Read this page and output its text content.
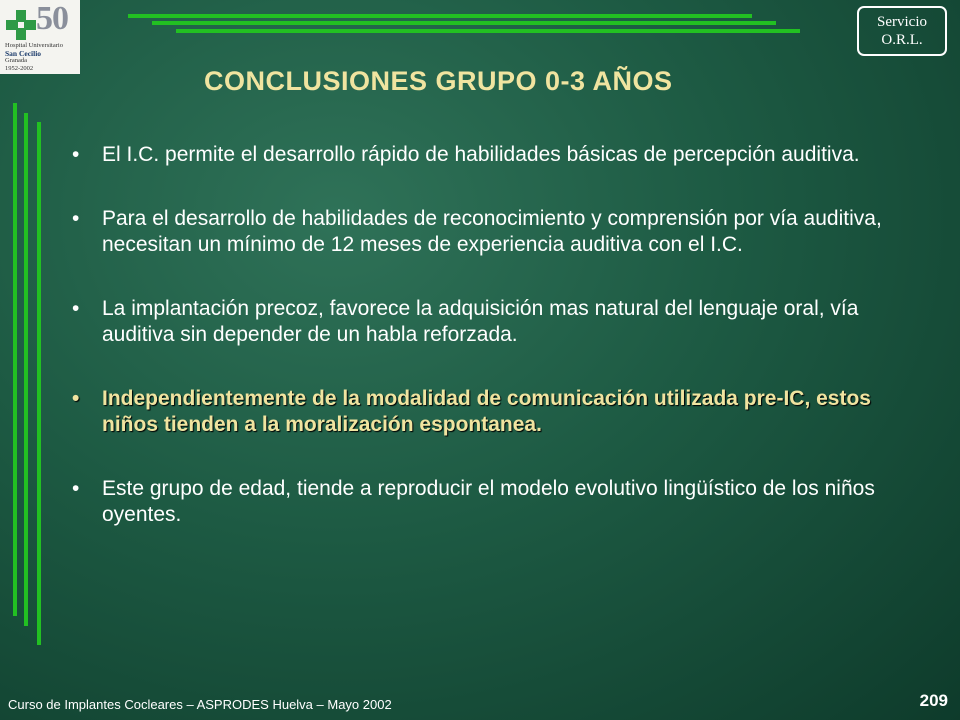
50
Hospital Universitario
San Cecilio
Granada
1952-2002
Servicio
O.R.L.
CONCLUSIONES GRUPO 0-3 AÑOS
• El I.C. permite el desarrollo rápido de habilidades básicas de percepción auditiva.
• Para el desarrollo de habilidades de reconocimiento y comprensión por vía auditiva, necesitan un mínimo de 12 meses de experiencia auditiva con el I.C.
• La implantación precoz, favorece la adquisición mas natural del lenguaje oral, vía auditiva sin depender de un habla reforzada.
• Independientemente de la modalidad de comunicación utilizada pre-IC, estos niños tienden a la moralización espontanea.
• Este grupo de edad, tiende a reproducir el modelo evolutivo lingüístico de los niños oyentes.
Curso de Implantes Cocleares – ASPRODES Huelva – Mayo 2002	209
